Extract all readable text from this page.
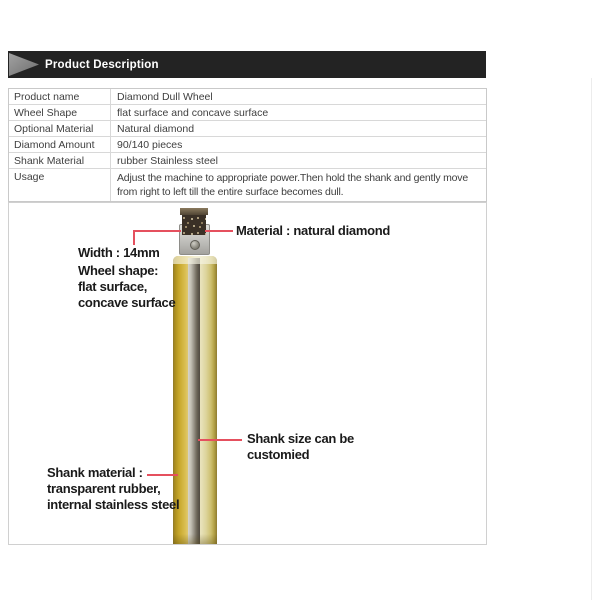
Product Description
Product name	Diamond Dull Wheel
Wheel Shape	flat surface and concave surface
Optional Material	Natural diamond
Diamond Amount	90/140 pieces
Shank Material	rubber Stainless steel
Usage	Adjust the machine to appropriate power.Then hold the shank and gently move from right to left till the entire surface becomes dull.
Material : natural diamond
Width : 14mm
Wheel shape:
flat surface,
concave surface
Shank size can be
customied
Shank material :
transparent rubber,
internal stainless steel
